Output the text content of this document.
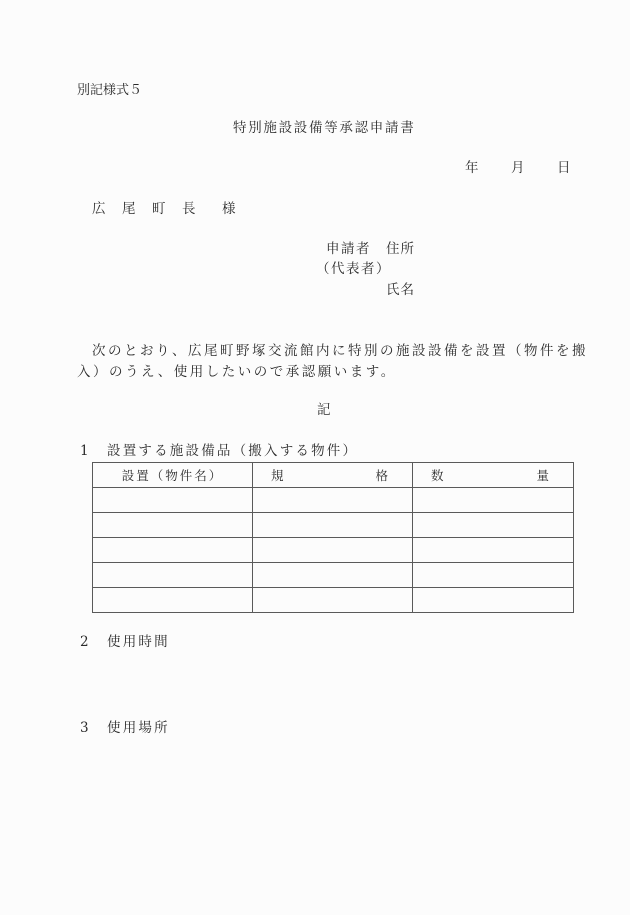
別記様式５
特別施設設備等承認申請書
年 月 日
広 尾 町 長 様
申請者 住所
（代表者）
氏名
次のとおり、広尾町野塚交流館内に特別の施設設備を設置（物件を搬
入）のうえ、使用したいので承認願います。
記
1 設置する施設備品（搬入する物件）
設置（物件名）	規 格	数 量

2 使用時間
3 使用場所
